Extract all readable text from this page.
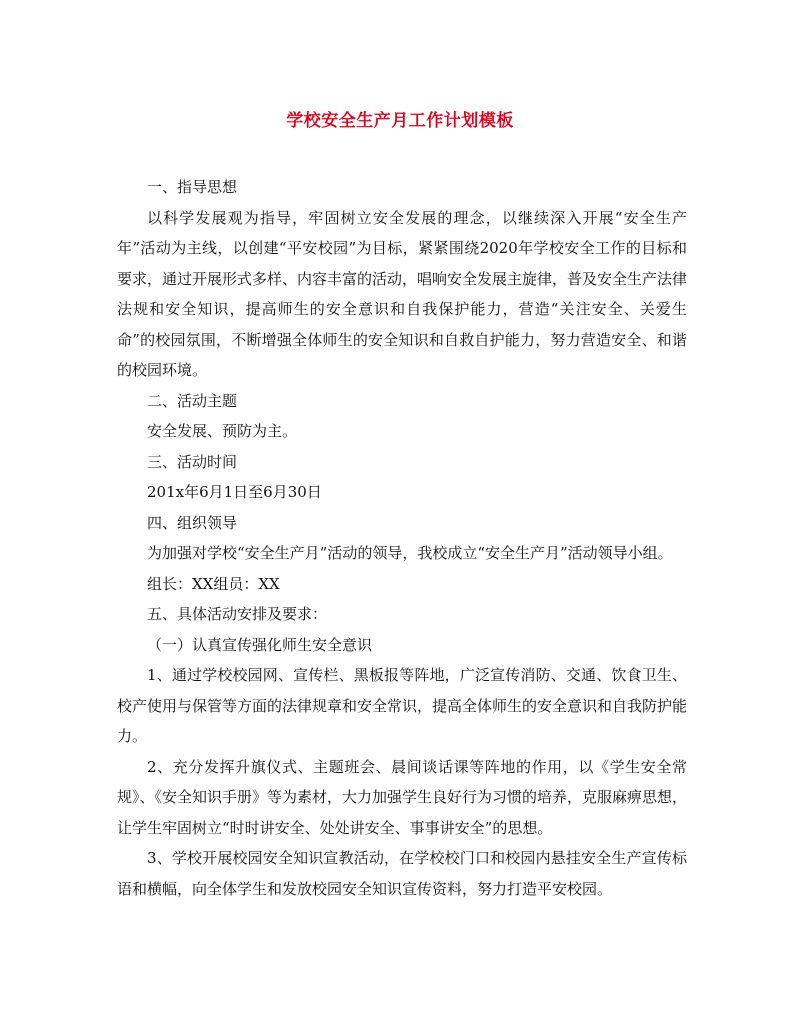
学校安全生产月工作计划模板

一、指导思想

以科学发展观为指导，牢固树立安全发展的理念，以继续深入开展“安全生产年”活动为主线，以创建“平安校园”为目标，紧紧围绕2020年学校安全工作的目标和要求，通过开展形式多样、内容丰富的活动，唱响安全发展主旋律，普及安全生产法律法规和安全知识，提高师生的安全意识和自我保护能力，营造“关注安全、关爱生命”的校园氛围，不断增强全体师生的安全知识和自救自护能力，努力营造安全、和谐的校园环境。

二、活动主题

安全发展、预防为主。

三、活动时间

201x年6月1日至6月30日

四、组织领导

为加强对学校“安全生产月”活动的领导，我校成立“安全生产月”活动领导小组。

组长：XX组员：XX

五、具体活动安排及要求：

（一）认真宣传强化师生安全意识

1、通过学校校园网、宣传栏、黑板报等阵地，广泛宣传消防、交通、饮食卫生、校产使用与保管等方面的法律规章和安全常识，提高全体师生的安全意识和自我防护能力。

2、充分发挥升旗仪式、主题班会、晨间谈话课等阵地的作用，以《学生安全常规》、《安全知识手册》等为素材，大力加强学生良好行为习惯的培养，克服麻痹思想，让学生牢固树立“时时讲安全、处处讲安全、事事讲安全”的思想。

3、学校开展校园安全知识宣教活动，在学校校门口和校园内悬挂安全生产宣传标语和横幅，向全体学生和发放校园安全知识宣传资料，努力打造平安校园。
